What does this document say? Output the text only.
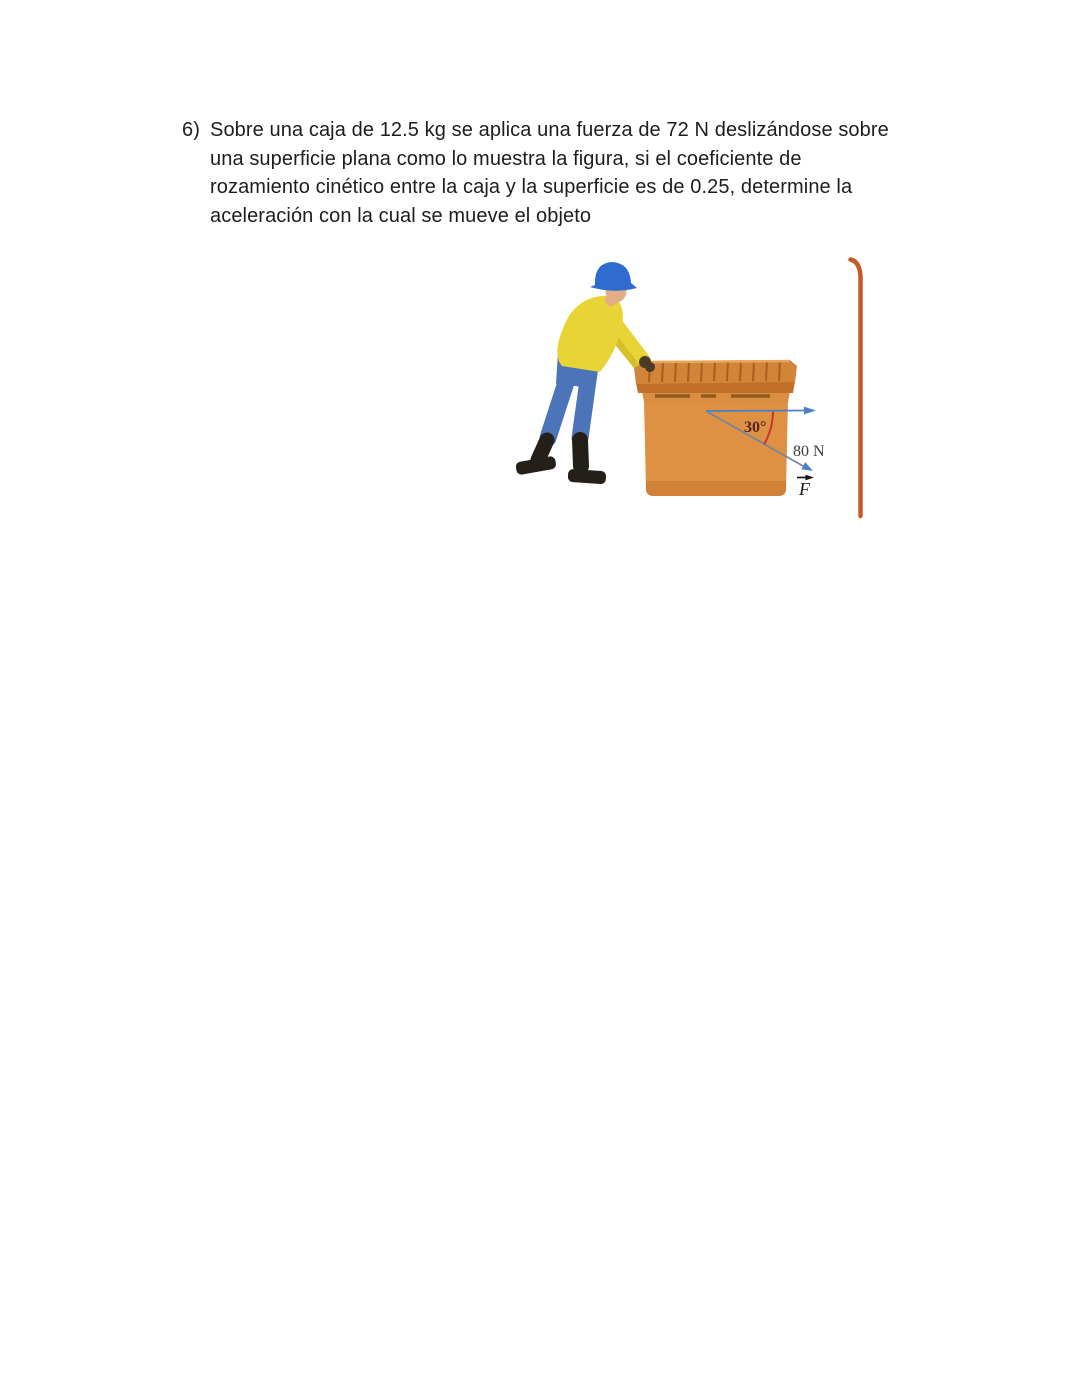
6) Sobre una caja de 12.5 kg se aplica una fuerza de 72 N deslizándose sobre
una superficie plana como lo muestra la figura, si el coeficiente de
rozamiento cinético entre la caja y la superficie es de 0.25, determine la
aceleración con la cual se mueve el objeto
30°
80 N
F
